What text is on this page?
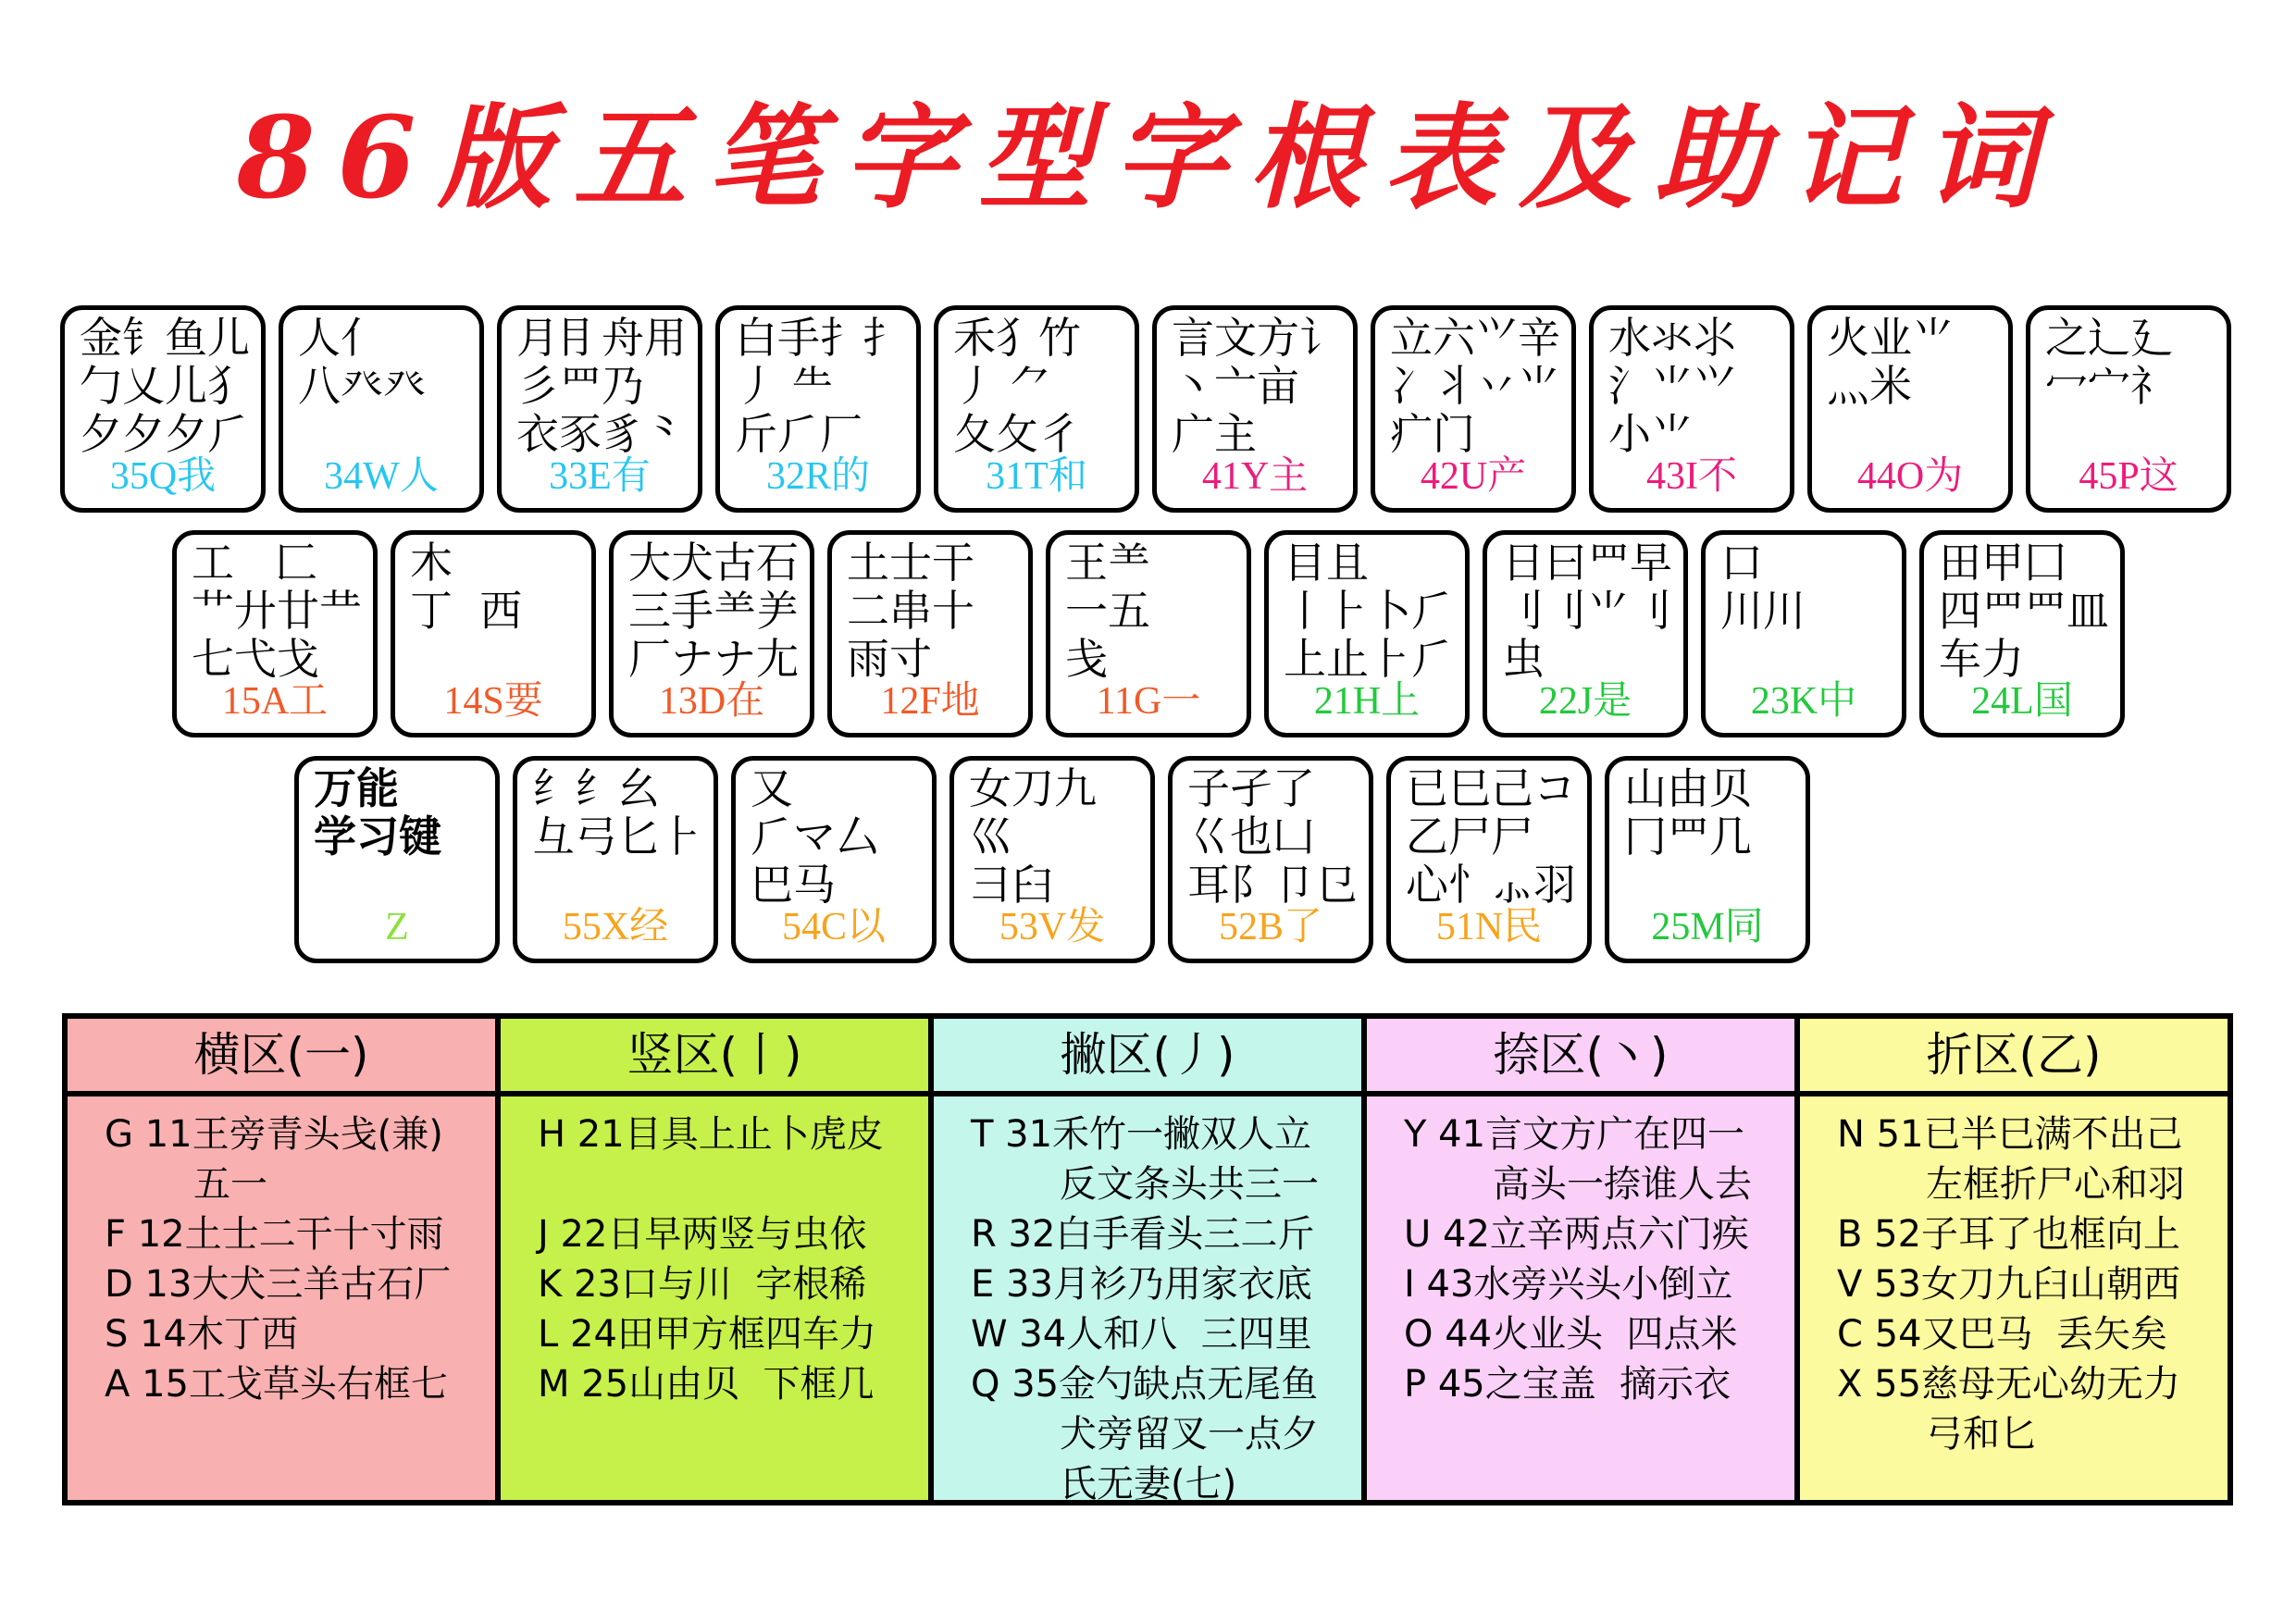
86版五笔字型字根表及助记词
金钅鱼儿
勹乂儿犭
夕夕夕⺁
35Q我
人亻
八癶癶
34W人
月⺝舟用
彡⺫乃
衣豕豸⺀
33E有
白手⺘扌
丿 ⺧
斤⺁厂
32R的
禾⺨竹
丿 ⺈
夂攵彳
31T和
言文方讠
丶亠亩
广主
41Y主
立六⺍辛
冫丬丷⺌
疒门
42U产
水氺⺢
氵⺌⺍
小⺌
43I不
火业⺌
灬米
44O为
之辶廴
冖宀礻
45P这
工   匚
艹廾廿龷
七弋戈
15A工
木
丁  西
14S要
大犬古石
三手⺷⺶
厂ナナ尢
13D在
土士干
二串十
雨寸
12F地
王⺷
一五
戋
11G一
目且
丨⺊卜⺁
上止⺊⺁
21H上
日曰⺫早
刂刂⺌刂
虫
22J是
口
川川
23K中
田甲囗
四⺫罒皿
车力
24L国
万能
学习键
Z
纟纟幺
彑弓匕⺊
55X经
又
⺁マ厶
巴马
54C以
女刀九
巛
彐臼
53V发
子孑了
巜也凵
耳阝卩㔾
52B了
已巳己コ
乙尸尸
心忄⺗羽
51N民
山由贝
冂⺫几
25M同
横区(一)
G 11王旁青头戋(兼)
五一
F 12土士二干十寸雨
D 13大犬三羊古石厂
S 14木丁西
A 15工戈草头右框七
竖区(丨)
H 21目具上止卜虎皮
J 22日早两竖与虫依
K 23口与川  字根稀
L 24田甲方框四车力
M 25山由贝  下框几
撇区(丿)
T 31禾竹一撇双人立
反文条头共三一
R 32白手看头三二斤
E 33月衫乃用家衣底
W 34人和八  三四里
Q 35金勺缺点无尾鱼
犬旁留叉一点夕
氏无妻(七)
捺区(丶)
Y 41言文方广在四一
高头一捺谁人去
U 42立辛两点六门疾
I 43水旁兴头小倒立
O 44火业头  四点米
P 45之宝盖  摘示衣
折区(乙)
N 51已半巳满不出己
左框折尸心和羽
B 52子耳了也框向上
V 53女刀九臼山朝西
C 54又巴马  丢矢矣
X 55慈母无心幼无力
弓和匕
